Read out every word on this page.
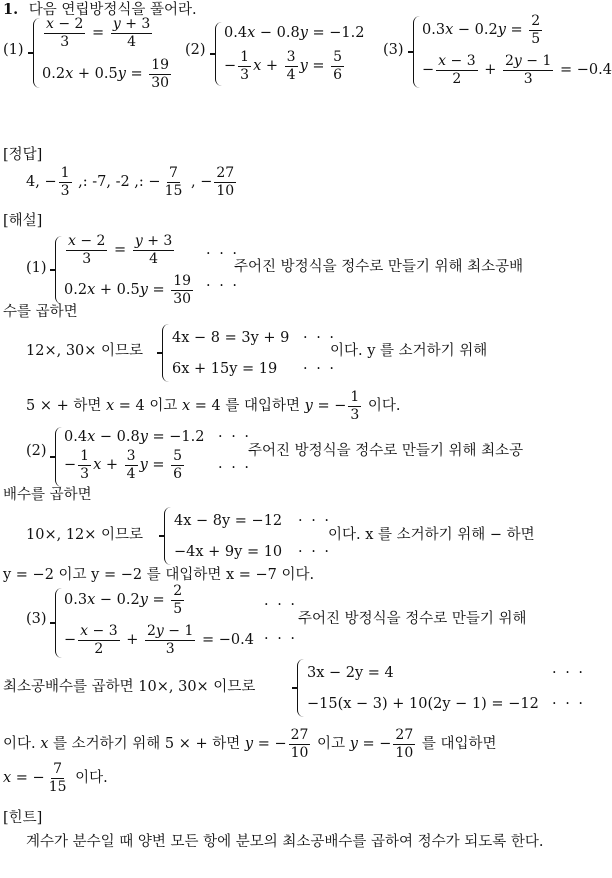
1. 다음 연립방정식을 풀어라.
(1)
$\frac{x - 2}{3} = \frac{y + 3}{4}$
$0.2x + 0.5y = \frac{19}{30}$
(2)
0.4x − 0.8y = −1.2
− $\frac{1}{3}$ $x + \frac{3}{4}$ $y = \frac{5}{6}$	(3)
$0.3x - 0.2y = \frac{2}{5}$
− $\frac{x - 3}{2} + \frac{2y - 1}{3} = -0.4$
[정답]
4, − $\frac{1}{3}$ ,: -7, -2 ,: − $\frac{7}{15}$ , − $\frac{27}{10}$
[해설]
(1)
$\frac{x - 2}{3} = \frac{y + 3}{4}$
$0.2x + 0.5y = \frac{19}{30}$
· · ·
· · ·
주어진 방정식을 정수로 만들기 위해 최소공배
수를 곱하면
12×, 30× 이므로
4x − 8 = 3y + 9
6x + 15y = 19
· · ·
· · ·
이다. y 를 소거하기 위해
5 × + 하면 x = 4 이고 x = 4 를 대입하면 y = − $\frac{1}{3}$ 이다.
(2)
0.4x − 0.8y = −1.2
− $\frac{1}{3}$ $x + \frac{3}{4}$ $y = \frac{5}{6}$
· · ·
· · ·
주어진 방정식을 정수로 만들기 위해 최소공
배수를 곱하면
10×, 12× 이므로
4x − 8y = −12
−4x + 9y = 10
· · ·
· · ·
이다. x 를 소거하기 위해 − 하면
y = −2 이고 y = −2 를 대입하면 x = −7 이다.
(3)
$0.3x - 0.2y = \frac{2}{5}$
− $\frac{x - 3}{2} + \frac{2y - 1}{3} = -0.4$
· · ·
· · ·
주어진 방정식을 정수로 만들기 위해
최소공배수를 곱하면 10×, 30× 이므로
3x − 2y = 4
−15(x − 3) + 10(2y − 1) = −12
· · ·
· · ·
이다. x 를 소거하기 위해 5 × + 하면 y = − $\frac{27}{10}$ 이고 y = − $\frac{27}{10}$ 를 대입하면
x = − $\frac{7}{15}$ 이다.
[힌트]
계수가 분수일 때 양변 모든 항에 분모의 최소공배수를 곱하여 정수가 되도록 한다.
